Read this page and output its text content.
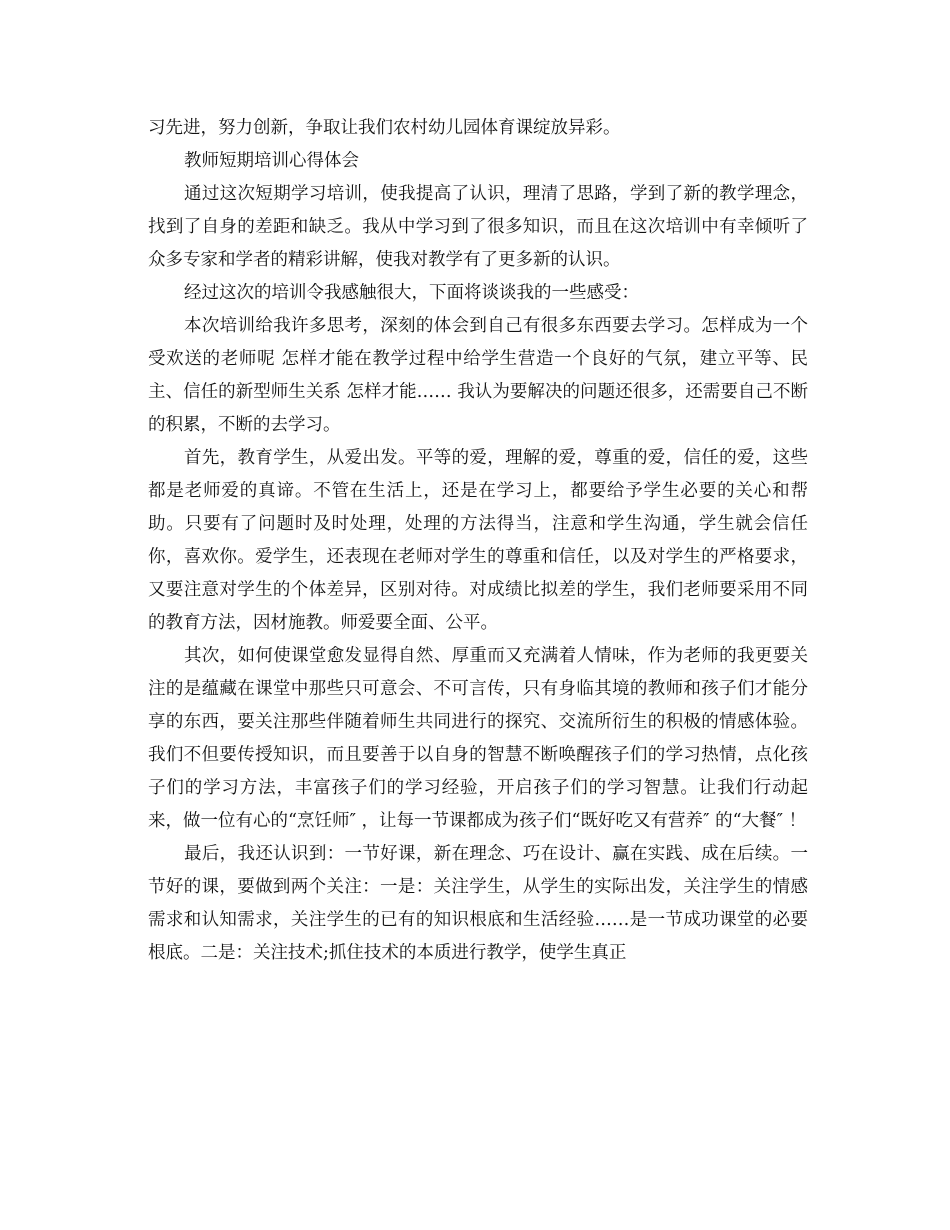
习先进，努力创新，争取让我们农村幼儿园体育课绽放异彩。

教师短期培训心得体会

通过这次短期学习培训，使我提高了认识，理清了思路，学到了新的教学理念，找到了自身的差距和缺乏。我从中学习到了很多知识，而且在这次培训中有幸倾听了众多专家和学者的精彩讲解，使我对教学有了更多新的认识。

经过这次的培训令我感触很大，下面将谈谈我的一些感受：

本次培训给我许多思考，深刻的体会到自己有很多东西要去学习。怎样成为一个受欢送的老师呢 怎样才能在教学过程中给学生营造一个良好的气氛，建立平等、民主、信任的新型师生关系 怎样才能…… 我认为要解决的问题还很多，还需要自己不断的积累，不断的去学习。

首先，教育学生，从爱出发。平等的爱，理解的爱，尊重的爱，信任的爱，这些都是老师爱的真谛。不管在生活上，还是在学习上，都要给予学生必要的关心和帮助。只要有了问题时及时处理，处理的方法得当，注意和学生沟通，学生就会信任你，喜欢你。爱学生，还表现在老师对学生的尊重和信任，以及对学生的严格要求，又要注意对学生的个体差异，区别对待。对成绩比拟差的学生，我们老师要采用不同的教育方法，因材施教。师爱要全面、公平。

其次，如何使课堂愈发显得自然、厚重而又充满着人情味，作为老师的我更要关注的是蕴藏在课堂中那些只可意会、不可言传，只有身临其境的教师和孩子们才能分享的东西，要关注那些伴随着师生共同进行的探究、交流所衍生的积极的情感体验。我们不但要传授知识，而且要善于以自身的智慧不断唤醒孩子们的学习热情，点化孩子们的学习方法，丰富孩子们的学习经验，开启孩子们的学习智慧。让我们行动起来，做一位有心的“烹饪师″ ，让每一节课都成为孩子们“既好吃又有营养″ 的“大餐″ ！

最后，我还认识到：一节好课，新在理念、巧在设计、赢在实践、成在后续。一节好的课，要做到两个关注：一是：关注学生，从学生的实际出发，关注学生的情感需求和认知需求，关注学生的已有的知识根底和生活经验……是一节成功课堂的必要根底。二是：关注技术;抓住技术的本质进行教学，使学生真正
